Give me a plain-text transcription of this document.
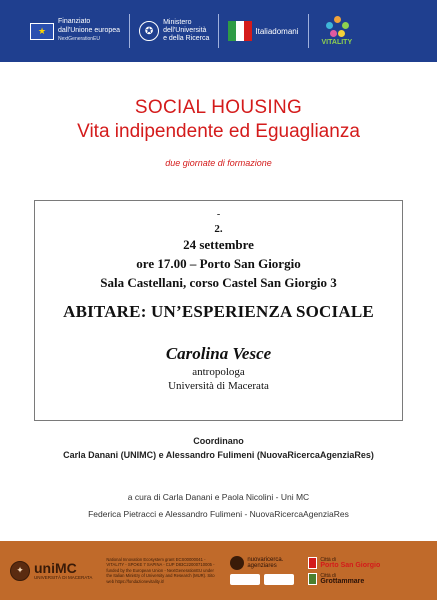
★
Finanziato
dall'Unione europea
NextGenerationEU
✪
Ministero
dell'Università
e della Ricerca
Italiadomani
VITALITY
SOCIAL HOUSING
Vita indipendente ed Eguaglianza
due giornate di formazione
-
2.
24 settembre
ore 17.00 – Porto San Giorgio
Sala Castellani, corso Castel San Giorgio 3
ABITARE: UN’ESPERIENZA SOCIALE
Carolina Vesce
antropologa
Università di Macerata
Coordinano
Carla Danani (UNIMC) e Alessandro Fulimeni (NuovaRicercaAgenziaRes)
a cura di Carla Danani e Paola Nicolini - Uni MC
Federica Pietracci e Alessandro Fulimeni - NuovaRicercaAgenziaRes
✦ uniMC
UNIVERSITÀ DI MACERATA
National Innovation Ecosystem grant ECS00000041 - VITALITY - SPOKE 7 SAPINA - CUP D83C22000710005 - funded by the European Union - NextGenerationEU under the Italian Ministry of University and Research (MUR). Sito web https://fondazionevitality.it/
nuovaricerca.
agenziares
Città di
Porto San Giorgio
Città di
Grottammare
